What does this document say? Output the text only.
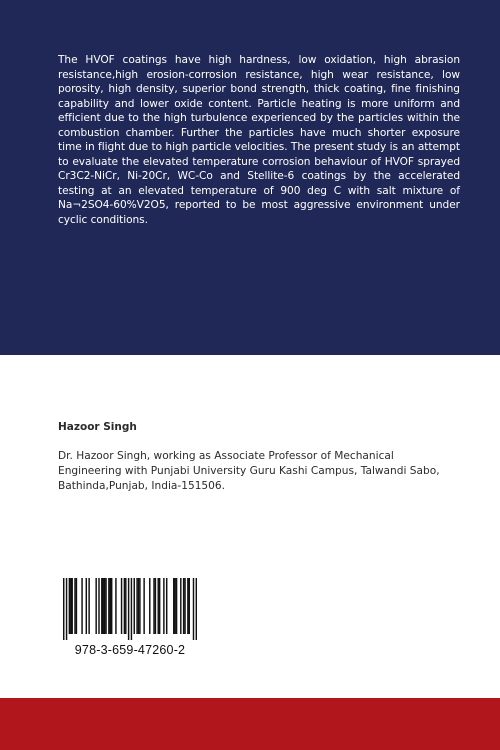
The HVOF coatings have high hardness, low oxidation, high abrasion resistance,high erosion-corrosion resistance, high wear resistance, low porosity, high density, superior bond strength, thick coating, fine finishing capability and lower oxide content. Particle heating is more uniform and efficient due to the high turbulence experienced by the particles within the combustion chamber. Further the particles have much shorter exposure time in flight due to high particle velocities. The present study is an attempt to evaluate the elevated temperature corrosion behaviour of HVOF sprayed Cr3C2-NiCr, Ni-20Cr, WC-Co and Stellite-6 coatings by the accelerated testing at an elevated temperature of 900 deg C with salt mixture of Na¬2SO4-60%V2O5, reported to be most aggressive environment under cyclic conditions.

Hazoor Singh

Dr. Hazoor Singh, working as Associate Professor of Mechanical Engineering with Punjabi University Guru Kashi Campus, Talwandi Sabo, Bathinda,Punjab, India-151506.

978-3-659-47260-2
